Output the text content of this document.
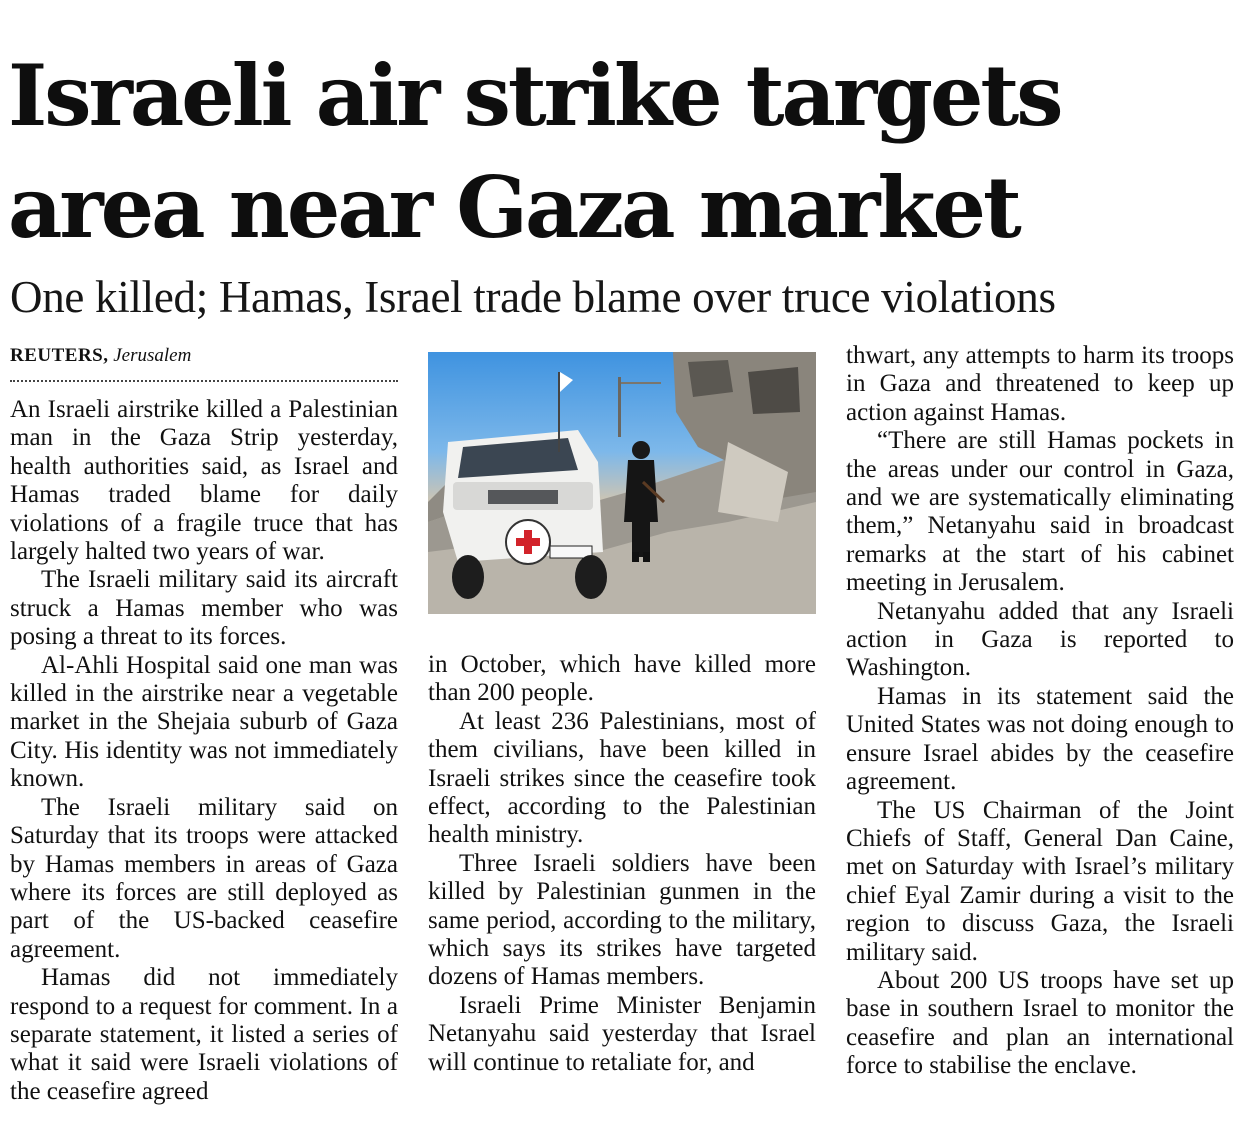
Israeli air strike targets
area near Gaza market
One killed; Hamas, Israel trade blame over truce violations
REUTERS, Jerusalem

An Israeli airstrike killed a Palestinian man in the Gaza Strip yesterday, health authorities said, as Israel and Hamas traded blame for daily violations of a fragile truce that has largely halted two years of war.

The Israeli military said its aircraft struck a Hamas member who was posing a threat to its forces.

Al-Ahli Hospital said one man was killed in the airstrike near a vegetable market in the Shejaia suburb of Gaza City. His identity was not immediately known.

The Israeli military said on Saturday that its troops were attacked by Hamas members in areas of Gaza where its forces are still deployed as part of the US-backed ceasefire agreement.

Hamas did not immediately respond to a request for comment. In a separate statement, it listed a series of what it said were Israeli violations of the ceasefire agreed

in October, which have killed more than 200 people.

At least 236 Palestinians, most of them civilians, have been killed in Israeli strikes since the ceasefire took effect, according to the Palestinian health ministry.

Three Israeli soldiers have been killed by Palestinian gunmen in the same period, according to the military, which says its strikes have targeted dozens of Hamas members.

Israeli Prime Minister Benjamin Netanyahu said yesterday that Israel will continue to retaliate for, and

thwart, any attempts to harm its troops in Gaza and threatened to keep up action against Hamas.

“There are still Hamas pockets in the areas under our control in Gaza, and we are systematically eliminating them,” Netanyahu said in broadcast remarks at the start of his cabinet meeting in Jerusalem.

Netanyahu added that any Israeli action in Gaza is reported to Washington.

Hamas in its statement said the United States was not doing enough to ensure Israel abides by the ceasefire agreement.

The US Chairman of the Joint Chiefs of Staff, General Dan Caine, met on Saturday with Israel’s military chief Eyal Zamir during a visit to the region to discuss Gaza, the Israeli military said.

About 200 US troops have set up base in southern Israel to monitor the ceasefire and plan an international force to stabilise the enclave.
